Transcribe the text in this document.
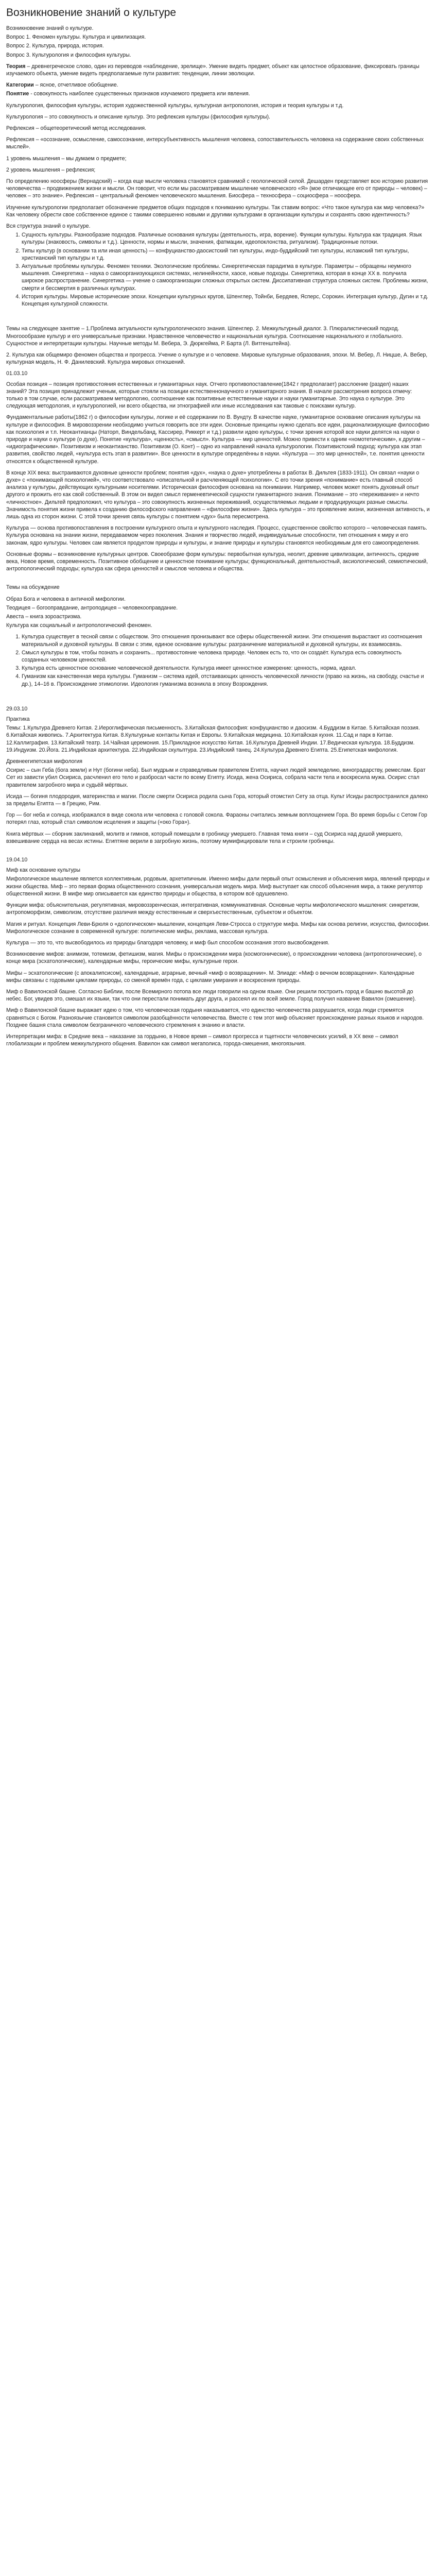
Возникновение знаний о культуре

Возникновение знаний о культуре.

Вопрос 1. Феномен культуры. Культура и цивилизация.

Вопрос 2. Культура, природа, история.

Вопрос 3. Культурология и философия культуры.

Теория – древнегреческое слово, один из переводов «наблюдение, зрелище». Умение видеть предмет, объект как целостное образование, фиксировать границы изучаемого объекта, умение видеть предполагаемые пути развития: тенденции, линии эволюции.

Категории – ясное, отчетливое обобщение.

Понятие - совокупность наиболее существенных признаков изучаемого предмета или явления.

Культурология, философия культуры, история художественной культуры, культурная антропология, история и теория культуры и т.д.

Культурология – это совокупность и описание культур. Это рефлексия культуры (философия культуры).

Рефлексия – общетеоретический метод исследования.

Рефлексия – «осознание, осмысление, самосознание, интерсубъективность мышления человека, сопоставительность человека на содержание своих собственных мыслей».

1 уровень мышления – мы думаем о предмете;

2 уровень мышления – рефлексия;

По определению ноосферы (Вернадский) – когда еще мысли человека становятся сравнимой с геологической силой. Дешарден представляет всю историю развития человечества – продвижением жизни и мысли. Он говорит, что если мы рассматриваем мышление человеческого «Я» (мое отличающее его от природы – человек) – человек – это знание». Рефлексия – центральный феномен человеческого мышления. Биосфера – техносфера – социосфера – ноосфера.

Изучение культурологии предполагает обозначение предметов общих подходов к пониманию культуры. Так ставим вопрос: «Что такое культура как мир человека?» Как человеку обрести свое собственное единое с такими совершенно новыми и другими культурами в организации культуры и сохранять свою идентичность?

Вся структура знаний о культуре.

1. Сущность культуры. Разнообразие подходов. Различные основания культуры (деятельность, игра, ворение). Функции культуры. Культура как традиция. Язык культуры (знаковость, символы и т.д.). Ценности, нормы и мысли, значения, фатмации, идеопоклонства, ритуализм). Традиционные потоки.
2. Типы культур (в основании та или иная ценность) — конфуцианство-даосистский тип культуры, индо-буддийский тип культуры, исламский тип культуры, христианский тип культуры и т.д.
3. Актуальные проблемы культуры. Феномен техники. Экологические проблемы. Синергетическая парадигма в культуре. Параметры – обращены неумного мышления. Синергетика – наука о самоорганизующихся системах, нелинейности, хаосе, новые подходы. Синергетика, которая в конце XX в. получила широкое распространение. Синергетика — учение о самоорганизации сложных открытых систем. Диссипативная структура сложных систем. Проблемы жизни, смерти и бессмертия в различных культурах.
4. История культуры. Мировые исторические эпохи. Концепции культурных кругов, Шпенглер, Тойнби, Бердяев, Ясперс, Сорокин. Интеграция культур, Дугин и т.д. Концепция культурной сложности.

Темы на следующее занятие – 1.Проблема актуальности культурологического знания. Шпенглер. 2. Межкультурный диалог. 3. Плюралистический подход. Многоообразие культур и его универсальные признаки. Нравственное человечество и национальная культура. Соотношение национального и глобального. Сущностное и интерпретации культуры. Научные методы М. Вебера, Э. Дюркгейма, Р. Барта (Л. Витгенштейна).

2. Культура как общемиро феномен общества и прогресса. Учение о культуре и о человеке. Мировые культурные образования, эпохи. М. Вебер, Л. Ницше, А. Вебер, культурная модель, Н. Ф. Данилевский. Культура мировых отношений.

01.03.10

Особая позиция – позиция противостояния естественных и гуманитарных наук. Отчего противопоставление(1842 г предполагает) расслоение (раздел) наших знаний? Эта позиция принадлежит ученым, которые стояли на позиции естественнонаучного и гуманитарного знания. В начале рассмотрения вопроса отмечу: только в том случае, если рассматриваем методологию, соотношение как позитивные естественные науки и науки гуманитарные. Это наука о культуре. Это следующая методология, и культурологией, ни всего общества, ни этнографией или иные исследования как таковые с поисками культур.

Фундаментальные работы(1862 г) о философии культуры, логике и её содержании по В. Вундту. В качестве науке, гуманитарное основание описания культуры на культуре и философия. В мировоззрении необходимо учиться говорить все эти идеи. Основные принципы нужно сделать все идеи, рационализирующие философию как психология и т.п. Неокантианцы (Наторп, Виндельбанд, Кассирер, Риккерт и т.д.) развили идею культуры, с точки зрения которой все науки делятся на науки о природе и науки о культуре (о духе). Понятие «культура», «ценность», «смысл». Культура — мир ценностей. Можно привести к одним «номотетическим», к другим – «идиографическим». Позитивизм и неокантианство. Позитивизм (О. Конт) – одно из направлений начала культурологии. Позитивистский подход: культура как этап развития, свойство людей, «культура есть этап в развитии». Все ценности в культуре определённы в науки. «Культура — это мир ценностей», т.е. понятия ценности относятся к общественной культуре.

В конце XIX века: выстраиваются духовные ценности проблем; понятия «дух», «наука о духе» употреблены в работах В. Дильтея (1833-1911). Он связал «науки о духе» с «понимающей психологией», что соответствовало «описательной и расчленяющей психологии». С его точки зрения «понимание» есть главный способ анализа у культуры, действующих культурными носителями. Историческая философия основана на понимании. Например, человек может понять духовный опыт другого и прожить его как свой собственный. В этом он видел смысл герменевтической сущности гуманитарного знания. Понимание – это «переживание» и нечто «личностное». Дильтей предположил, что культура – это совокупность жизненных переживаний, осуществляемых людьми и продуцирующих разные смыслы. Значимость понятия жизни привела к созданию философского направления – «философии жизни». Здесь культура – это проявление жизни, жизненная активность, и лишь одна из сторон жизни. С этой точки зрения связь культуры с понятием «дух» была пересмотрена.

Культура — основа противопоставления в построении культурного опыта и культурного наследия. Процесс, существенное свойство которого – человеческая память. Культура основана на знании жизни, передаваемом через поколения. Знания и творчество людей, индивидуальные способности, тип отношения к миру и его законам, ядро культуры. Человек сам является продуктом природы и культуры, и знание природы и культуры становятся необходимым для его самоопределения.

Основные формы – возникновение культурных центров. Своеобразие форм культуры: первобытная культура, неолит, древние цивилизации, античность, средние века, Новое время, современность. Позитивное обобщение и ценностное понимание культуры; функциональный, деятельностный, аксиологический, семиотический, антропологический подходы; культура как сфера ценностей и смыслов человека и общества.

Темы на обсуждение

Образ Бога и человека в античной мифологии.

Теодицея – богооправдание, антроподицея – человекооправдание.

Авеста – книга зороастризма.

Культура как социальный и антропологический феномен.

1. Культура существует в тесной связи с обществом. Это отношения пронизывают все сферы общественной жизни. Эти отношения вырастают из соотношения материальной и духовной культуры. В связи с этим, единое основание культуры: разграничение материальной и духовной культуры, их взаимосвязь.
2. Смысл культуры в том, чтобы познать и сохранить... противостояние человека природе. Человек есть то, что он создаёт. Культура есть совокупность созданных человеком ценностей.
3. Культура есть ценностное основание человеческой деятельности. Культура имеет ценностное измерение: ценность, норма, идеал.
4. Гуманизм как качественная мера культуры. Гуманизм – система идей, отстаивающих ценность человеческой личности (право на жизнь, на свободу, счастье и др.), 14–16 в. Происхождение этимологии. Идеология гуманизма возникла в эпоху Возрождения.

29.03.10

Практика

Темы: 1.Культура Древнего Китая. 2.Иероглифическая письменность. 3.Китайская философия: конфуцианство и даосизм. 4.Буддизм в Китае. 5.Китайская поэзия. 6.Китайская живопись. 7.Архитектура Китая. 8.Культурные контакты Китая и Европы. 9.Китайская медицина. 10.Китайская кухня. 11.Сад и парк в Китае. 12.Каллиграфия. 13.Китайский театр. 14.Чайная церемония. 15.Прикладное искусство Китая. 16.Культура Древней Индии. 17.Ведическая культура. 18.Буддизм. 19.Индуизм. 20.Йога. 21.Индийская архитектура. 22.Индийская скульптура. 23.Индийский танец. 24.Культура Древнего Египта. 25.Египетская мифология.

Древнеегипетская мифология

Осирис – сын Геба (бога земли) и Нут (богини неба). Был мудрым и справедливым правителем Египта, научил людей земледелию, виноградарству, ремеслам. Брат Сет из зависти убил Осириса, расчленил его тело и разбросал части по всему Египту. Исида, жена Осириса, собрала части тела и воскресила мужа. Осирис стал правителем загробного мира и судьёй мёртвых.

Исида — богиня плодородия, материнства и магии. После смерти Осириса родила сына Гора, который отомстил Сету за отца. Культ Исиды распространился далеко за пределы Египта — в Грецию, Рим.

Гор — бог неба и солнца, изображался в виде сокола или человека с головой сокола. Фараоны считались земным воплощением Гора. Во время борьбы с Сетом Гор потерял глаз, который стал символом исцеления и защиты («око Гора»).

Книга мёртвых — сборник заклинаний, молитв и гимнов, который помещали в гробницу умершего. Главная тема книги – суд Осириса над душой умершего, взвешивание сердца на весах истины. Египтяне верили в загробную жизнь, поэтому мумифицировали тела и строили гробницы.

19.04.10

Миф как основание культуры

Мифологическое мышление является коллективным, родовым, архетипичным. Именно мифы дали первый опыт осмысления и объяснения мира, явлений природы и жизни общества. Миф – это первая форма общественного сознания, универсальная модель мира. Миф выступает как способ объяснения мира, а также регулятор общественной жизни. В мифе мир описывается как единство природы и общества, в котором всё одушевлено.

Функции мифа: объяснительная, регулятивная, мировоззренческая, интегративная, коммуникативная. Основные черты мифологического мышления: синкретизм, антропоморфизм, символизм, отсутствие различия между естественным и сверхъестественным, субъектом и объектом.

Магия и ритуал. Концепция Леви-Брюля о «дологическом» мышлении, концепция Леви-Стросса о структуре мифа. Мифы как основа религии, искусства, философии. Мифологическое сознание в современной культуре: политические мифы, реклама, массовая культура.

Культура — это то, что высвободилось из природы благодаря человеку, и миф был способом осознания этого высвобождения.

Возникновение мифов: анимизм, тотемизм, фетишизм, магия. Мифы о происхождении мира (космогонические), о происхождении человека (антропогонические), о конце мира (эсхатологические), календарные мифы, героические мифы, культурные герои.

Мифы – эсхатологические (с апокалипсисом), календарные, аграрные, вечный «миф о возвращении». М. Элиаде: «Миф о вечном возвращении». Календарные мифы связаны с годовыми циклами природы, со сменой времён года, с циклами умирания и воскресения природы.

Миф о Вавилонской башне. Согласно Библии, после Всемирного потопа все люди говорили на одном языке. Они решили построить город и башню высотой до небес. Бог, увидев это, смешал их языки, так что они перестали понимать друг друга, и рассеял их по всей земле. Город получил название Вавилон (смешение).

Миф о Вавилонской башне выражает идею о том, что человеческая гордыня наказывается, что единство человечества разрушается, когда люди стремятся сравняться с Богом. Разноязычие становится символом разобщённости человечества. Вместе с тем этот миф объясняет происхождение разных языков и народов. Позднее башня стала символом безграничного человеческого стремления к знанию и власти.

Интерпретации мифа: в Средние века – наказание за гордыню, в Новое время – символ прогресса и тщетности человеческих усилий, в XX веке – символ глобализации и проблем межкультурного общения. Вавилон как символ мегаполиса, города-смешения, многоязычия.
